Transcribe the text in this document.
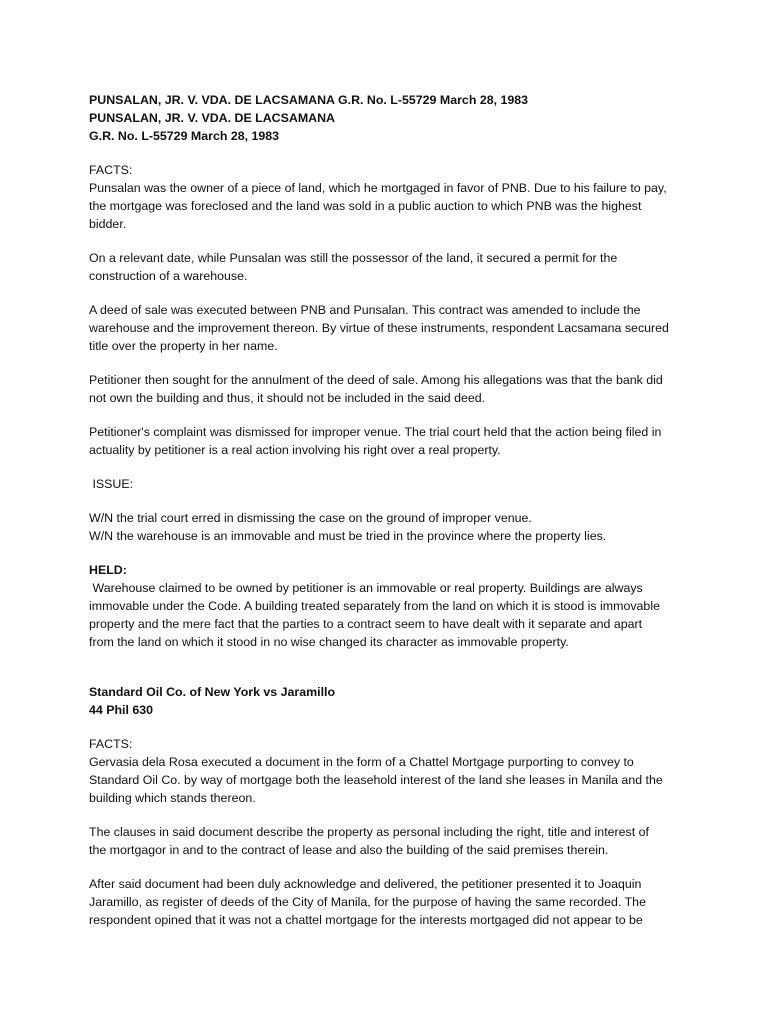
PUNSALAN, JR. V. VDA. DE LACSAMANA G.R. No. L-55729 March 28, 1983
PUNSALAN, JR. V. VDA. DE LACSAMANA
G.R. No. L-55729 March 28, 1983
FACTS:

Punsalan was the owner of a piece of land, which he mortgaged in favor of PNB. Due to his failure to pay, the mortgage was foreclosed and the land was sold in a public auction to which PNB was the highest bidder.

On a relevant date, while Punsalan was still the possessor of the land, it secured a permit for the construction of a warehouse.

A deed of sale was executed between PNB and Punsalan. This contract was amended to include the warehouse and the improvement thereon. By virtue of these instruments, respondent Lacsamana secured title over the property in her name.

Petitioner then sought for the annulment of the deed of sale. Among his allegations was that the bank did not own the building and thus, it should not be included in the said deed.

Petitioner's complaint was dismissed for improper venue. The trial court held that the action being filed in actuality by petitioner is a real action involving his right over a real property.

ISSUE:
W/N the trial court erred in dismissing the case on the ground of improper venue.
W/N the warehouse is an immovable and must be tried in the province where the property lies.
HELD:

Warehouse claimed to be owned by petitioner is an immovable or real property. Buildings are always immovable under the Code. A building treated separately from the land on which it is stood is immovable property and the mere fact that the parties to a contract seem to have dealt with it separate and apart from the land on which it stood in no wise changed its character as immovable property.

Standard Oil Co. of New York vs Jaramillo
44 Phil 630
FACTS:

Gervasia dela Rosa executed a document in the form of a Chattel Mortgage purporting to convey to Standard Oil Co. by way of mortgage both the leasehold interest of the land she leases in Manila and the building which stands thereon.

The clauses in said document describe the property as personal including the right, title and interest of the mortgagor in and to the contract of lease and also the building of the said premises therein.

After said document had been duly acknowledge and delivered, the petitioner presented it to Joaquin Jaramillo, as register of deeds of the City of Manila, for the purpose of having the same recorded. The respondent opined that it was not a chattel mortgage for the interests mortgaged did not appear to be
